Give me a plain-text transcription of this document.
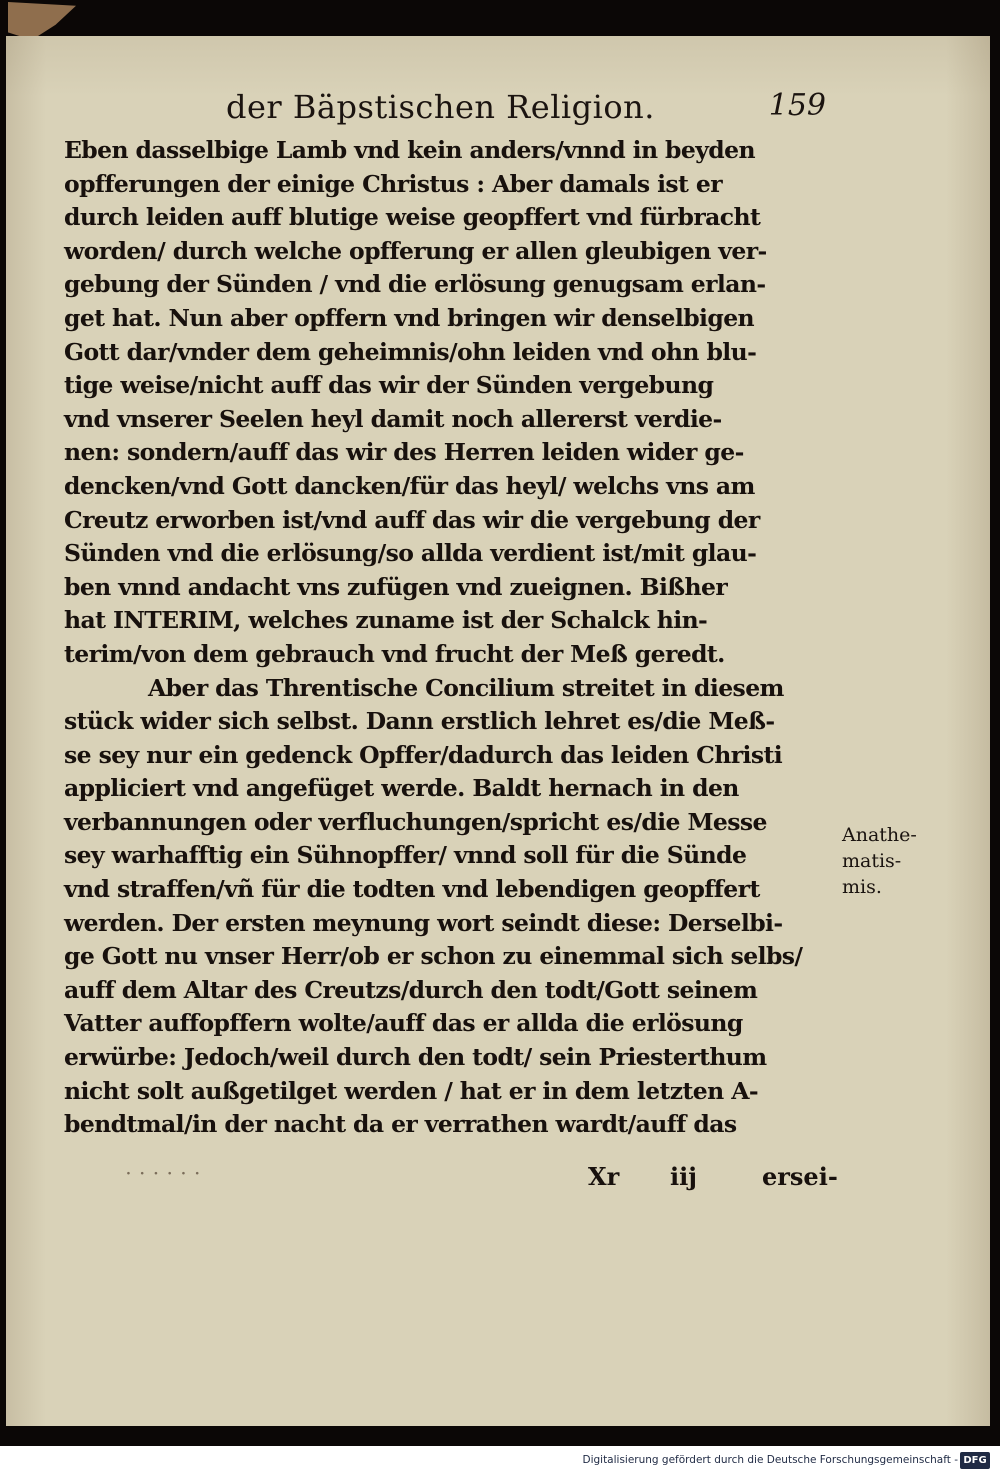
der Bäpstischen Religion.	159
Eben dasselbige Lamb vnd kein anders/vnnd in beyden
opfferungen der einige Christus : Aber damals ist er
durch leiden auff blutige weise geopffert vnd fürbracht
worden/ durch welche opfferung er allen gleubigen ver-
gebung der Sünden / vnd die erlösung genugsam erlan-
get hat. Nun aber opffern vnd bringen wir denselbigen
Gott dar/vnder dem geheimnis/ohn leiden vnd ohn blu-
tige weise/nicht auff das wir der Sünden vergebung
vnd vnserer Seelen heyl damit noch allererst verdie-
nen: sondern/auff das wir des Herren leiden wider ge-
dencken/vnd Gott dancken/für das heyl/ welchs vns am
Creutz erworben ist/vnd auff das wir die vergebung der
Sünden vnd die erlösung/so allda verdient ist/mit glau-
ben vnnd andacht vns zufügen vnd zueignen. Bißher
hat INTERIM, welches zuname ist der Schalck hin-
terim/von dem gebrauch vnd frucht der Meß geredt.
Aber das Threntische Concilium streitet in diesem
stück wider sich selbst. Dann erstlich lehret es/die Meß-
se sey nur ein gedenck Opffer/dadurch das leiden Christi
appliciert vnd angefüget werde. Baldt hernach in den
verbannungen oder verfluchungen/spricht es/die Messe
sey warhafftig ein Sühnopffer/ vnnd soll für die Sünde
vnd straffen/vñ für die todten vnd lebendigen geopffert
werden. Der ersten meynung wort seindt diese: Derselbi-
ge Gott nu vnser Herr/ob er schon zu einemmal sich selbs/
auff dem Altar des Creutzs/durch den todt/Gott seinem
Vatter auffopffern wolte/auff das er allda die erlösung
erwürbe: Jedoch/weil durch den todt/ sein Priesterthum
nicht solt außgetilget werden / hat er in dem letzten A-
bendtmal/in der nacht da er verrathen wardt/auff das
Anathe-
matis-
mis.
· · · · · ·	Xr iij	ersei-
Digitalisierung gefördert durch die Deutsche Forschungsgemeinschaft - DFG
